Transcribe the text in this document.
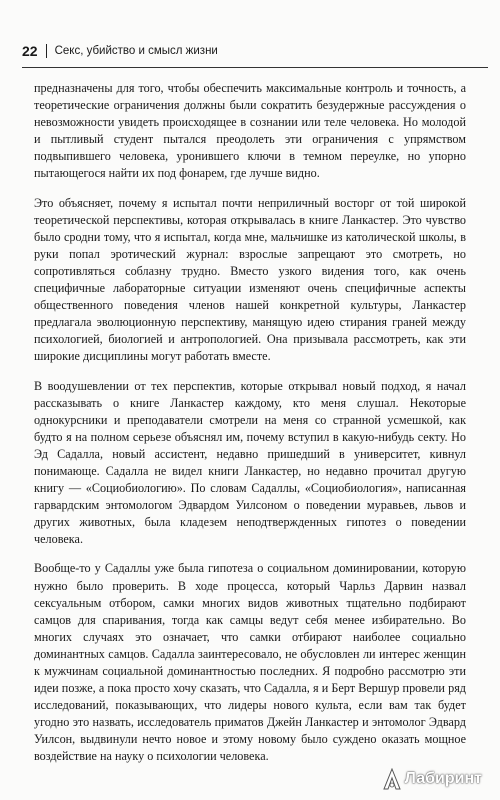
22 Секс, убийство и смысл жизни

предназначены для того, чтобы обеспечить максимальные контроль и точность, а теоретические ограничения должны были сократить безудержные рассуждения о невозможности увидеть происходящее в сознании или теле человека. Но молодой и пытливый студент пытался преодолеть эти ограничения с упрямством подвыпившего человека, уронившего ключи в темном переулке, но упорно пытающегося найти их под фонарем, где лучше видно.

Это объясняет, почему я испытал почти неприличный восторг от той широкой теоретической перспективы, которая открывалась в книге Ланкастер. Это чувство было сродни тому, что я испытал, когда мне, мальчишке из католической школы, в руки попал эротический журнал: взрослые запрещают это смотреть, но сопротивляться соблазну трудно. Вместо узкого видения того, как очень специфичные лабораторные ситуации изменяют очень специфичные аспекты общественного поведения членов нашей конкретной культуры, Ланкастер предлагала эволюционную перспективу, манящую идею стирания граней между психологией, биологией и антропологией. Она призывала рассмотреть, как эти широкие дисциплины могут работать вместе.

В воодушевлении от тех перспектив, которые открывал новый подход, я начал рассказывать о книге Ланкастер каждому, кто меня слушал. Некоторые однокурсники и преподаватели смотрели на меня со странной усмешкой, как будто я на полном серьезе объяснял им, почему вступил в какую-нибудь секту. Но Эд Садалла, новый ассистент, недавно пришедший в университет, кивнул понимающе. Садалла не видел книги Ланкастер, но недавно прочитал другую книгу — «Социобиологию». По словам Садаллы, «Социобиология», написанная гарвардским энтомологом Эдвардом Уилсоном о поведении муравьев, львов и других животных, была кладезем неподтвержденных гипотез о поведении человека.

Вообще-то у Садаллы уже была гипотеза о социальном доминировании, которую нужно было проверить. В ходе процесса, который Чарльз Дарвин назвал сексуальным отбором, самки многих видов животных тщательно подбирают самцов для спаривания, тогда как самцы ведут себя менее избирательно. Во многих случаях это означает, что самки отбирают наиболее социально доминантных самцов. Садалла заинтересовало, не обусловлен ли интерес женщин к мужчинам социальной доминантностью последних. Я подробно рассмотрю эти идеи позже, а пока просто хочу сказать, что Садалла, я и Берт Вершур провели ряд исследований, показывающих, что лидеры нового культа, если вам так будет угодно это назвать, исследователь приматов Джейн Ланкастер и энтомолог Эдвард Уилсон, выдвинули нечто новое и этому новому было суждено оказать мощное воздействие на науку о психологии человека.

Лабиринт
